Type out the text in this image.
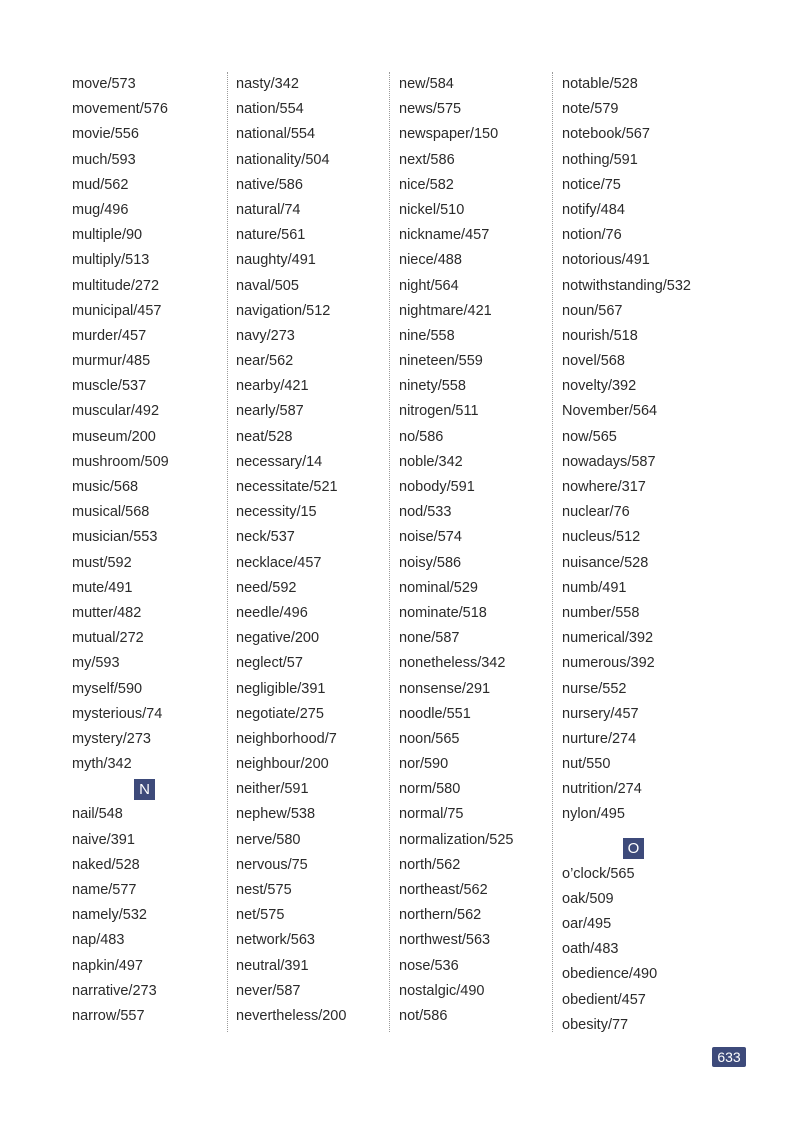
move/573
movement/576
movie/556
much/593
mud/562
mug/496
multiple/90
multiply/513
multitude/272
municipal/457
murder/457
murmur/485
muscle/537
muscular/492
museum/200
mushroom/509
music/568
musical/568
musician/553
must/592
mute/491
mutter/482
mutual/272
my/593
myself/590
mysterious/74
mystery/273
myth/342
N
nail/548
naive/391
naked/528
name/577
namely/532
nap/483
napkin/497
narrative/273
narrow/557
nasty/342
nation/554
national/554
nationality/504
native/586
natural/74
nature/561
naughty/491
naval/505
navigation/512
navy/273
near/562
nearby/421
nearly/587
neat/528
necessary/14
necessitate/521
necessity/15
neck/537
necklace/457
need/592
needle/496
negative/200
neglect/57
negligible/391
negotiate/275
neighborhood/7
neighbour/200
neither/591
nephew/538
nerve/580
nervous/75
nest/575
net/575
network/563
neutral/391
never/587
nevertheless/200
new/584
news/575
newspaper/150
next/586
nice/582
nickel/510
nickname/457
niece/488
night/564
nightmare/421
nine/558
nineteen/559
ninety/558
nitrogen/511
no/586
noble/342
nobody/591
nod/533
noise/574
noisy/586
nominal/529
nominate/518
none/587
nonetheless/342
nonsense/291
noodle/551
noon/565
nor/590
norm/580
normal/75
normalization/525
north/562
northeast/562
northern/562
northwest/563
nose/536
nostalgic/490
not/586
notable/528
note/579
notebook/567
nothing/591
notice/75
notify/484
notion/76
notorious/491
notwithstanding/532
noun/567
nourish/518
novel/568
novelty/392
November/564
now/565
nowadays/587
nowhere/317
nuclear/76
nucleus/512
nuisance/528
numb/491
number/558
numerical/392
numerous/392
nurse/552
nursery/457
nurture/274
nut/550
nutrition/274
nylon/495
O
o’clock/565
oak/509
oar/495
oath/483
obedience/490
obedient/457
obesity/77
633
